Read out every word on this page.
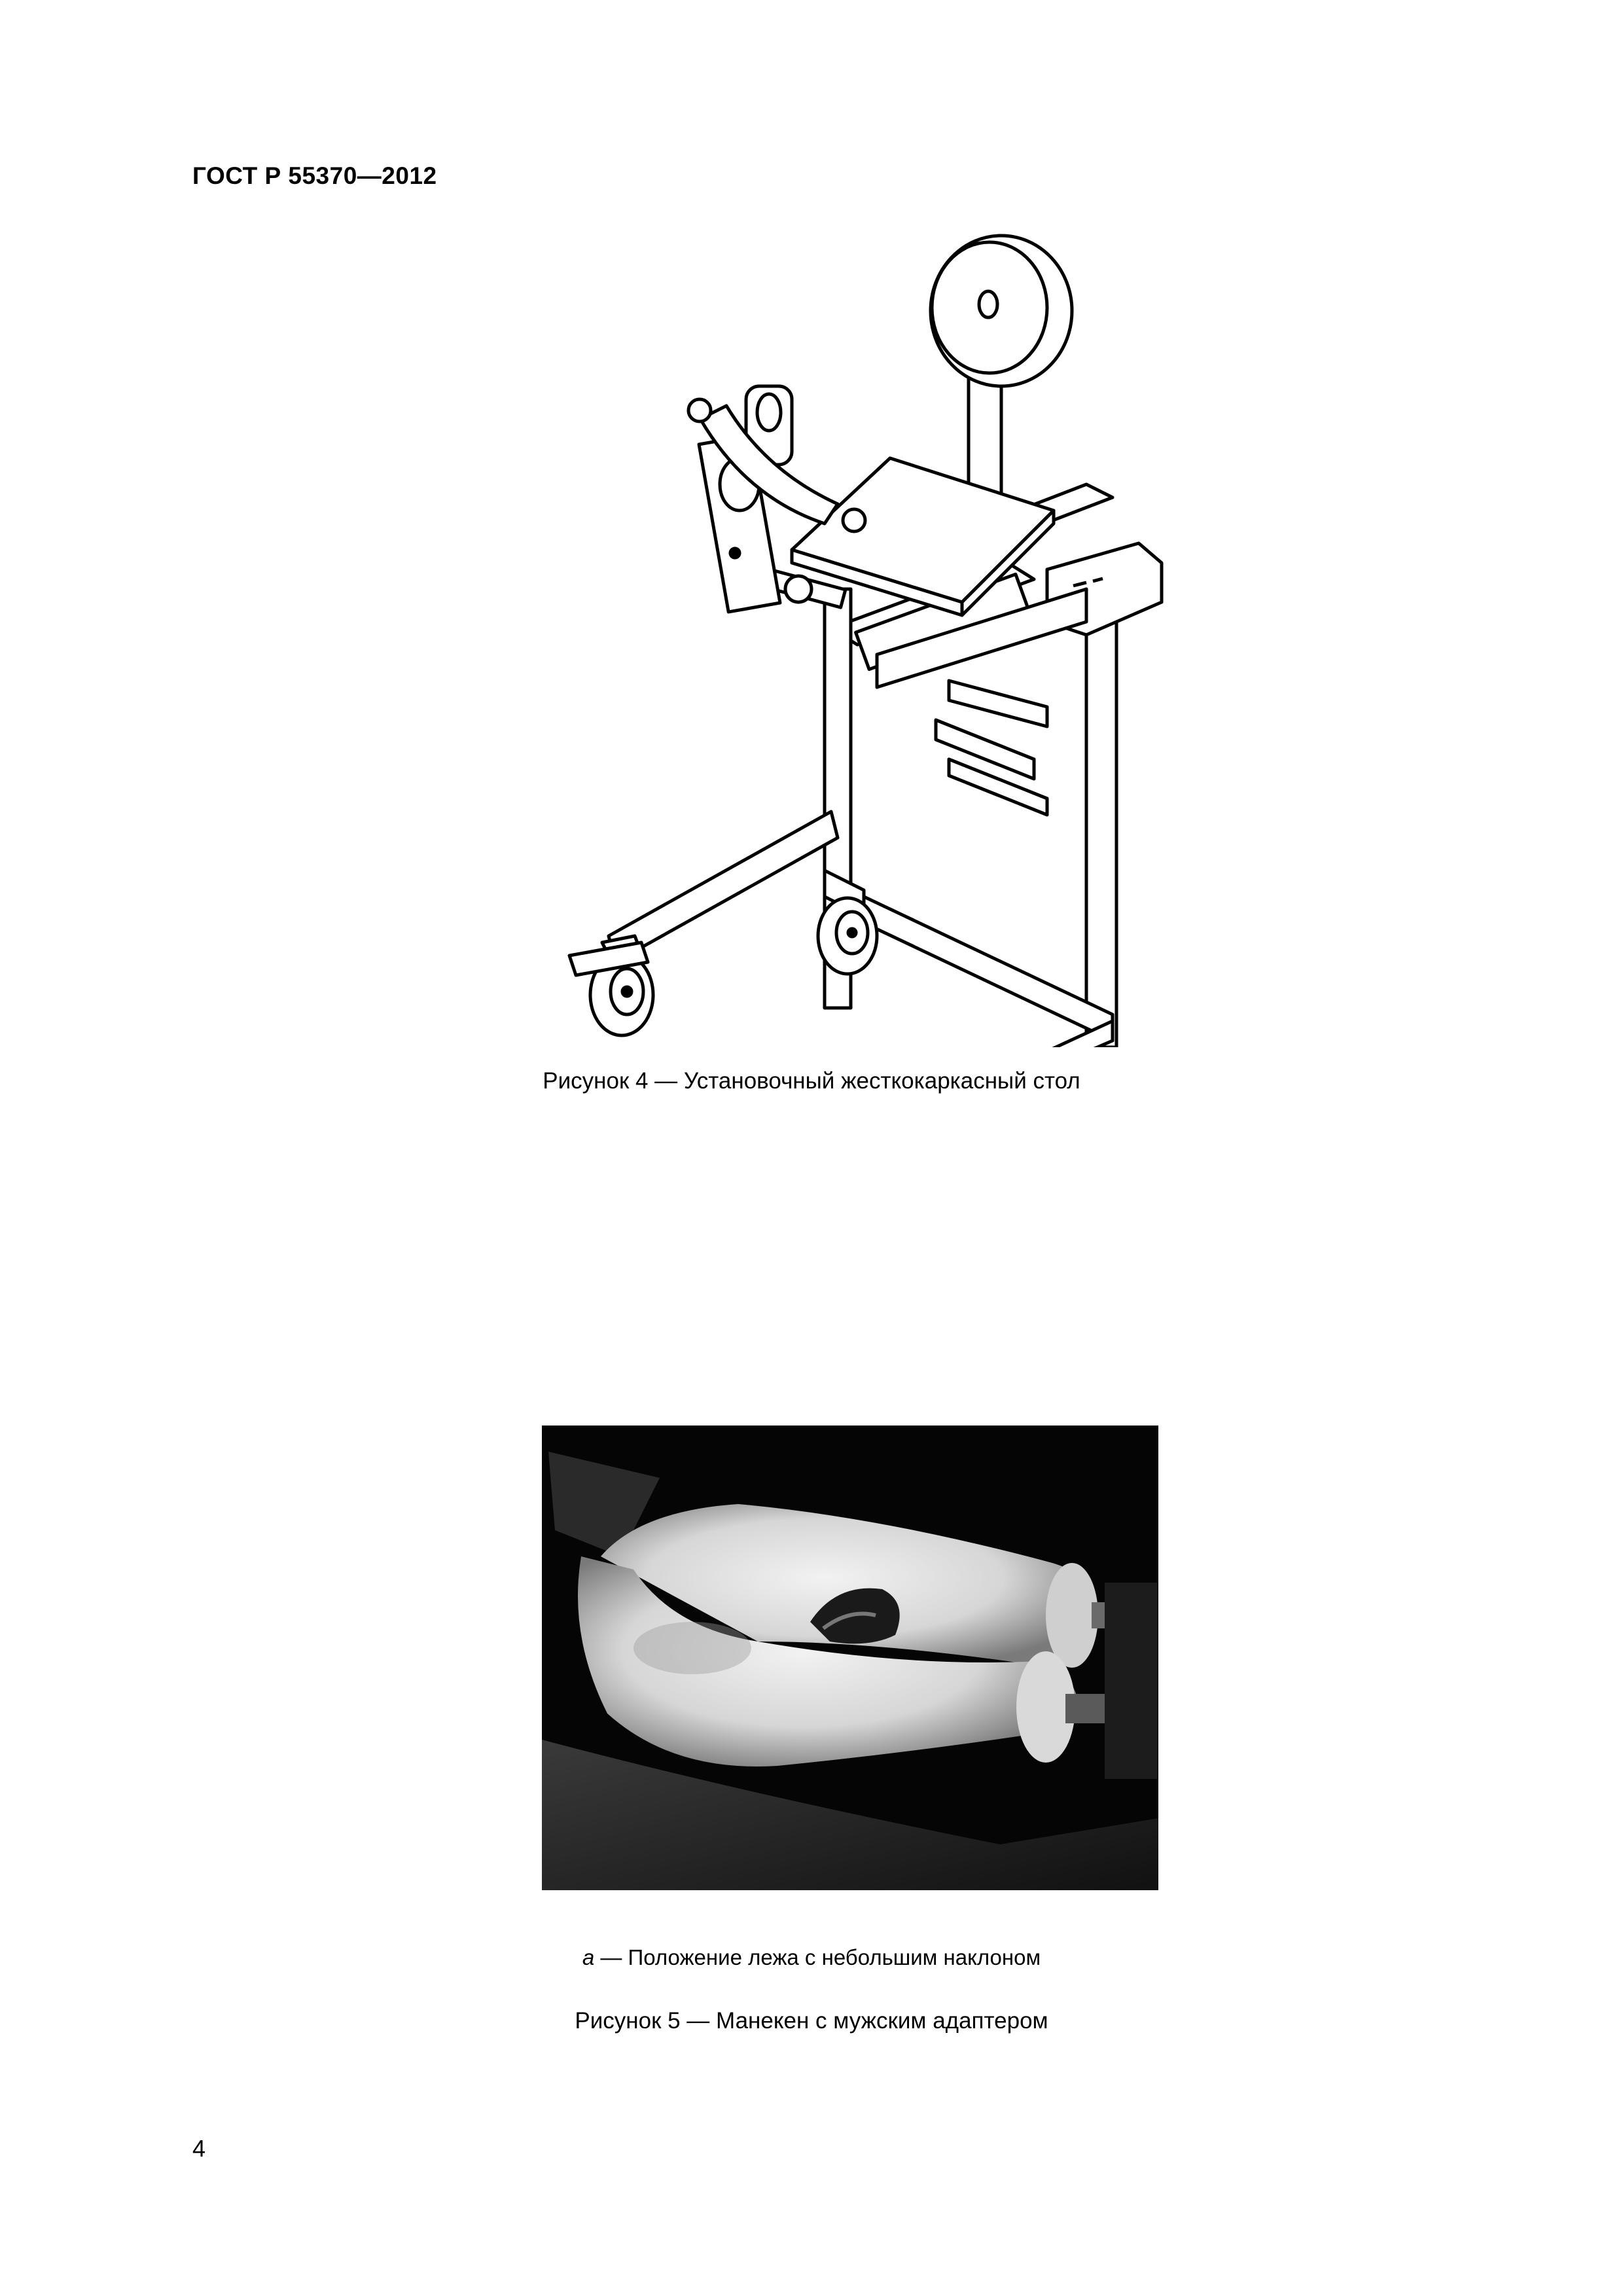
ГОСТ Р 55370—2012
Рисунок 4 — Установочный жесткокаркасный стол
а — Положение лежа с небольшим наклоном
Рисунок 5 — Манекен с мужским адаптером
4
